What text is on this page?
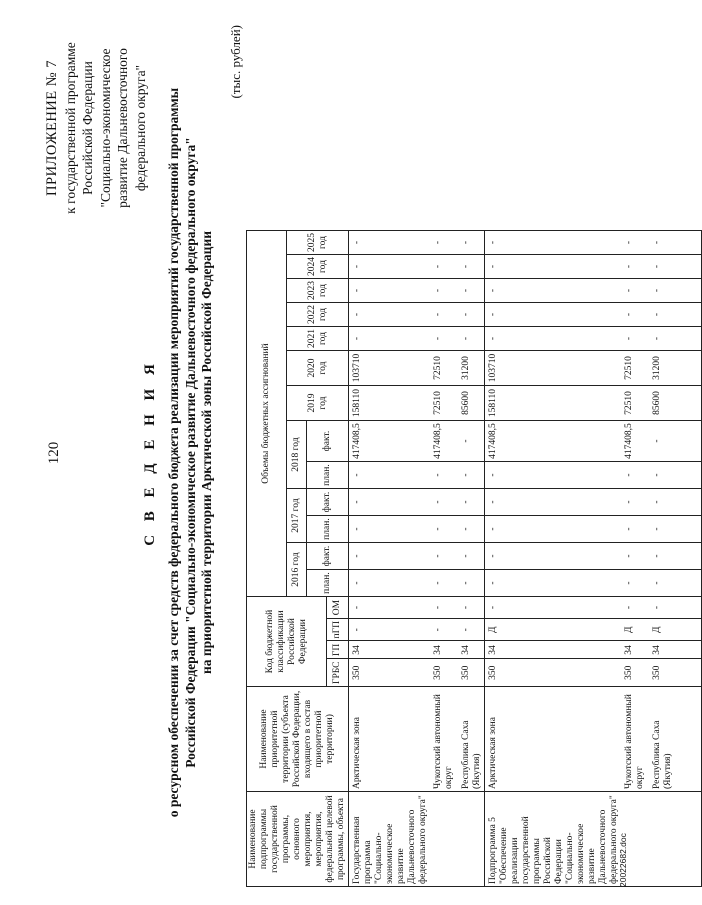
120
ПРИЛОЖЕНИЕ № 7 к государственной программе Российской Федерации "Социально-экономическое развитие Дальневосточного федерального округа"
С В Е Д Е Н И Я о ресурсном обеспечении за счет средств федерального бюджета реализации мероприятий государственной программы Российской Федерации "Социально-экономическое развитие Дальневосточного федерального округа" на приоритетной территории Арктической зоны Российской Федерации
(тыс. рублей)
Наименование подпрограммы государственной программы, основного мероприятия, мероприятия, федеральной целевой программы, объекта	Наименование приоритетной территории (субъекта Российской Федерации, входящего в состав приоритетной территории)	Код бюджетной классификации Российской Федерации				Объемы бюджетных ассигнований												
						2016 год		2017 год		2018 год		2019 год	2020 год	2021 год	2022 год	2023 год	2024 год	2025 год
						план.	факт.	план.	факт.	план.	факт.							
		ГРБС	ГП	пГП	ОМ													
Государственная программа "Социально-экономическое развитие Дальневосточного федерального округа"	Арктическая зона	350	34	-	-	-	-	-	-	-	417408,5	158110	103710	-	-	-	-	-
	Чукотский автономный округ	350	34	-	-	-	-	-	-	-	417408,5	72510	72510	-	-	-	-	-
	Республика Саха (Якутия)	350	34	-	-	-	-	-	-	-	-	85600	31200	-	-	-	-	-
Подпрограмма 5 "Обеспечение реализации государственной программы Российской Федерации "Социально-экономическое развитие Дальневосточного федерального округа"	Арктическая зона	350	34	Д	-	-	-	-	-	-	417408,5	158110	103710	-	-	-	-	-
	Чукотский автономный округ	350	34	Д	-	-	-	-	-	-	417408,5	72510	72510	-	-	-	-	-
	Республика Саха (Якутия)	350	34	Д	-	-	-	-	-	-	-	85600	31200	-	-	-	-	-
20022682.doc
